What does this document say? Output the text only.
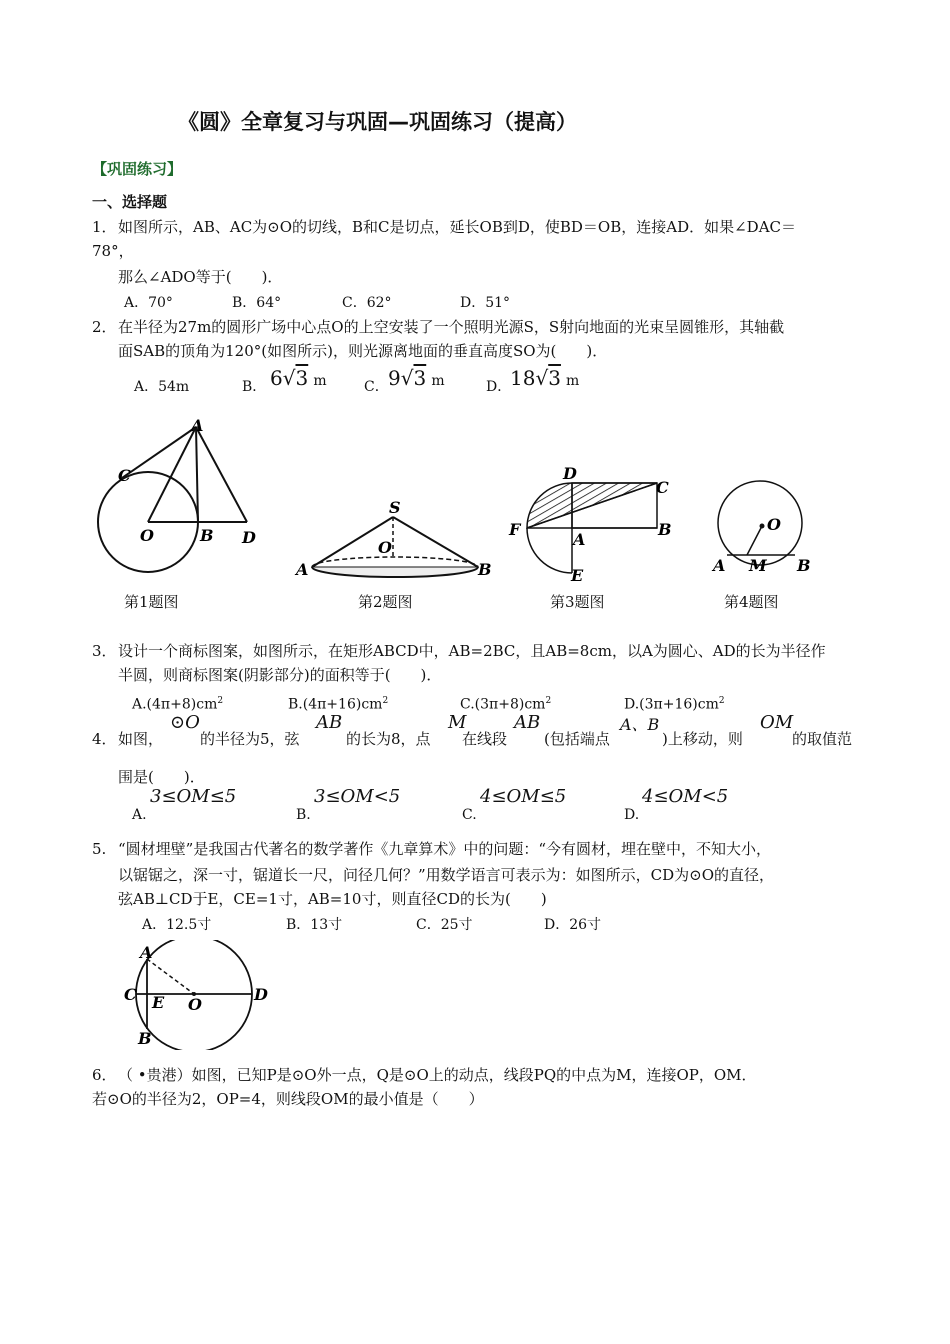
《圆》全章复习与巩固—巩固练习（提高）
【巩固练习】
一、选择题
1． 如图所示，AB、AC为⊙O的切线，B和C是切点，延长OB到D，使BD＝OB，连接AD．如果∠DAC＝
78°，
那么∠ADO等于(　　)．
A．70°	B．64°	C．62°	D．51°
2． 在半径为27m的圆形广场中心点O的上空安装了一个照明光源S，S射向地面的光束呈圆锥形，其轴截
面SAB的顶角为120°(如图所示)，则光源离地面的垂直高度SO为(　　)．
A．54m	B． 6√3 m	C． 9√3 m	D．
18√3 m
A
C
O	B D
S
O
A	B
D
C
F
A
B
E
O
A M B
第1题图	第2题图	第3题图	第4题图
3． 设计一个商标图案，如图所示，在矩形ABCD中，AB=2BC，且AB=8cm，以A为圆心、AD的长为半径作
半圆，则商标图案(阴影部分)的面积等于(　　)．
$A.(4\pi+8)cm^2$	$B.(4\pi+16)cm^2$	$C.(3\pi+8)cm^2$	$D.(3\pi+16)cm^2$
4． 如图，
⊙O
的半径为5，弦
AB
的长为8，点
M
在线段
AB
(包括端点
A、B
)上移动，则
OM
的取值范
围是(　　)．
A.
3≤OM≤5
B.
3≤OM<5
C.
4≤OM≤5
D.
4≤OM<5
5. “圆材埋壁”是我国古代著名的数学著作《九章算术》中的问题：“今有圆材，埋在壁中，不知大小，
以锯锯之，深一寸，锯道长一尺，问径几何？”用数学语言可表示为：如图所示，CD为⊙O的直径，
弦AB⊥CD于E，CE=1寸，AB=10寸，则直径CD的长为(　　)
A．12.5寸	B．13寸	C．25寸	D．26寸
A
C E O
D
B
6． （ •贵港）如图，已知P是⊙O外一点，Q是⊙O上的动点，线段PQ的中点为M，连接OP，OM．
若⊙O的半径为2，OP=4，则线段OM的最小值是（　　）
